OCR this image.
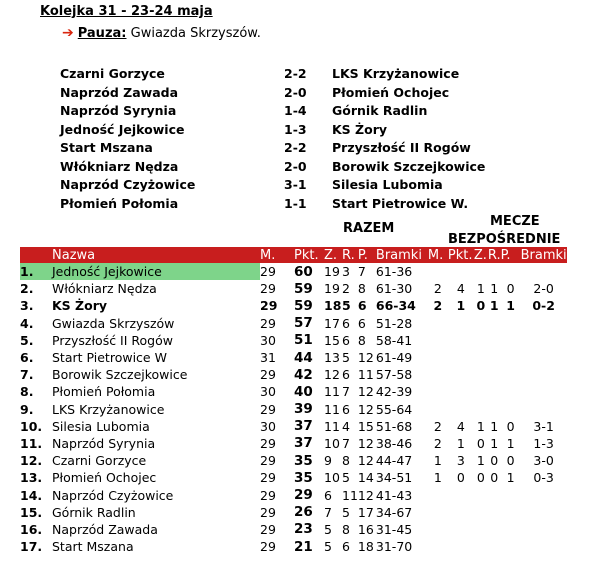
Kolejka 31 - 23-24 maja
➔ Pauza: Gwiazda Skrzyszów.
Czarni Gorzyce	2-2 LKS Krzyżanowice
Naprzód Zawada	2-0 Płomień Ochojec
Naprzód Syrynia	1-4 Górnik Radlin
Jedność Jejkowice	1-3 KS Żory
Start Mszana	2-2 Przyszłość II Rogów
Włókniarz Nędza	2-0 Borowik Szczejkowice
Naprzód Czyżowice	3-1 Silesia Lubomia
Płomień Połomia	1-1 Start Pietrowice W.
RAZEM	MECZE
BEZPOŚREDNIE
	Nazwa	M.	Pkt.	Z.	R.	P.	Bramki	M.	Pkt.	Z.	R.	P.	Bramki
1.	Jedność Jejkowice	29	60	19	3	7	61-36						
2.	Włókniarz Nędza	29	59	19	2	8	61-30	2	4	1	1	0	2-0
3.	KS Żory	29	59	18	5	6	66-34	2	1	0	1	1	0-2
4.	Gwiazda Skrzyszów	29	57	17	6	6	51-28						
5.	Przyszłość II Rogów	30	51	15	6	8	58-41						
6.	Start Pietrowice W	31	44	13	5	12	61-49						
7.	Borowik Szczejkowice	29	42	12	6	11	57-58						
8.	Płomień Połomia	30	40	11	7	12	42-39						
9.	LKS Krzyżanowice	29	39	11	6	12	55-64						
10.	Silesia Lubomia	30	37	11	4	15	51-68	2	4	1	1	0	3-1
11.	Naprzód Syrynia	29	37	10	7	12	38-46	2	1	0	1	1	1-3
12.	Czarni Gorzyce	29	35	9	8	12	44-47	1	3	1	0	0	3-0
13.	Płomień Ochojec	29	35	10	5	14	34-51	1	0	0	0	1	0-3
14.	Naprzód Czyżowice	29	29	6	11	12	41-43						
15.	Górnik Radlin	29	26	7	5	17	34-67						
16.	Naprzód Zawada	29	23	5	8	16	31-45						
17.	Start Mszana	29	21	5	6	18	31-70						
